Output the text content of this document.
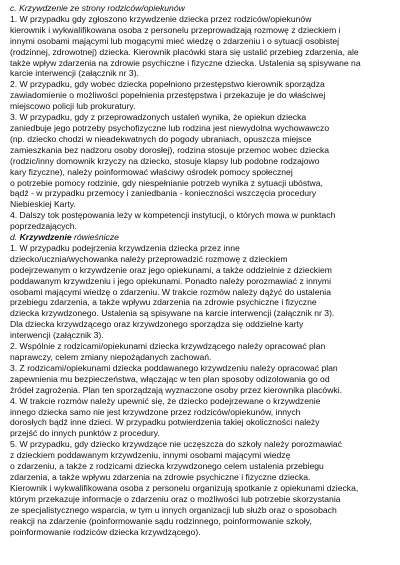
c. Krzywdzenie ze strony rodziców/opiekunów
1. W przypadku gdy zgłoszono krzywdzenie dziecka przez rodziców/opiekunów
kierownik i wykwalifikowana osoba z personelu przeprowadzają rozmowę z dzieckiem i
innymi osobami mającymi lub mogącymi mieć wiedzę o zdarzeniu i o sytuacji osobistej
(rodzinnej, zdrowotnej) dziecka. Kierownik placówki stara się ustalić przebieg zdarzenia, ale
także wpływ zdarzenia na zdrowie psychiczne i fizyczne dziecka. Ustalenia są spisywane na
karcie interwencji (załącznik nr 3).
2. W przypadku, gdy wobec dziecka popełniono przestępstwo kierownik sporządza
zawiadomienie o możliwości popełnienia przestępstwa i przekazuje je do właściwej
miejscowo policji lub prokuratury.
3. W przypadku, gdy z przeprowadzonych ustaleń wynika, że opiekun dziecka
zaniedbuje jego potrzeby psychofizyczne lub rodzina jest niewydolna wychowawczo
(np. dziecko chodzi w nieadekwatnych do pogody ubraniach, opuszcza miejsce
zamieszkania bez nadzoru osoby dorosłej), rodzina stosuje przemoc wobec dziecka
(rodzic/inny domownik krzyczy na dziecko, stosuje klapsy lub podobne rodzajowo
kary fizyczne), należy poinformować właściwy ośrodek pomocy społecznej
o potrzebie pomocy rodzinie, gdy niespełnianie potrzeb wynika z sytuacji ubóstwa,
bądź - w przypadku przemocy i zaniedbania - konieczności wszczęcia procedury
Niebieskiej Karty.
4. Dalszy tok postępowania leży w kompetencji instytucji, o których mowa w punktach
poprzedzających.
d. Krzywdzenie rówieśnicze
1. W przypadku podejrzenia krzywdzenia dziecka przez inne
dziecko/ucznia/wychowanka należy przeprowadzić rozmowę z dzieckiem
podejrzewanym o krzywdzenie oraz jego opiekunami, a także oddzielnie z dzieckiem
poddawanym krzywdzeniu i jego opiekunami. Ponadto należy porozmawiać z innymi
osobami mającymi wiedzę o zdarzeniu. W trakcie rozmów należy dążyć do ustalenia
przebiegu zdarzenia, a także wpływu zdarzenia na zdrowie psychiczne i fizyczne
dziecka krzywdzonego. Ustalenia są spisywane na karcie interwencji (załącznik nr 3).
Dla dziecka krzywdzącego oraz krzywdzonego sporządza się oddzielne karty
interwencji (załącznik 3).
2. Wspólnie z rodzicami/opiekunami dziecka krzywdzącego należy opracować plan
naprawczy, celem zmiany niepożądanych zachowań.
3. Z rodzicami/opiekunami dziecka poddawanego krzywdzeniu należy opracować plan
zapewnienia mu bezpieczeństwa, włączając w ten plan sposoby odizolowania go od
źródeł zagrożenia. Plan ten sporządzają wyznaczone osoby przez kierownika placówki.
4. W trakcie rozmów należy upewnić się, że dziecko podejrzewane o krzywdzenie
innego dziecka samo nie jest krzywdzone przez rodziców/opiekunów, innych
dorosłych bądź inne dzieci. W przypadku potwierdzenia takiej okoliczności należy
przejść do innych punktów z procedury.
5. W przypadku, gdy dziecko krzywdzące nie uczęszcza do szkoły należy porozmawiać
z dzieckiem poddawanym krzywdzeniu, innymi osobami mającymi wiedzę
o zdarzeniu, a także z rodzicami dziecka krzywdzonego celem ustalenia przebiegu
zdarzenia, a także wpływu zdarzenia na zdrowie psychiczne i fizyczne dziecka.
Kierownik i wykwalifikowana osoba z personelu organizują spotkanie z opiekunami dziecka,
którym przekazuje informacje o zdarzeniu oraz o możliwości lub potrzebie skorzystania
ze specjalistycznego wsparcia, w tym u innych organizacji lub służb oraz o sposobach
reakcji na zdarzenie (poinformowanie sądu rodzinnego, poinformowanie szkoły,
poinformowanie rodziców dziecka krzywdzącego).
